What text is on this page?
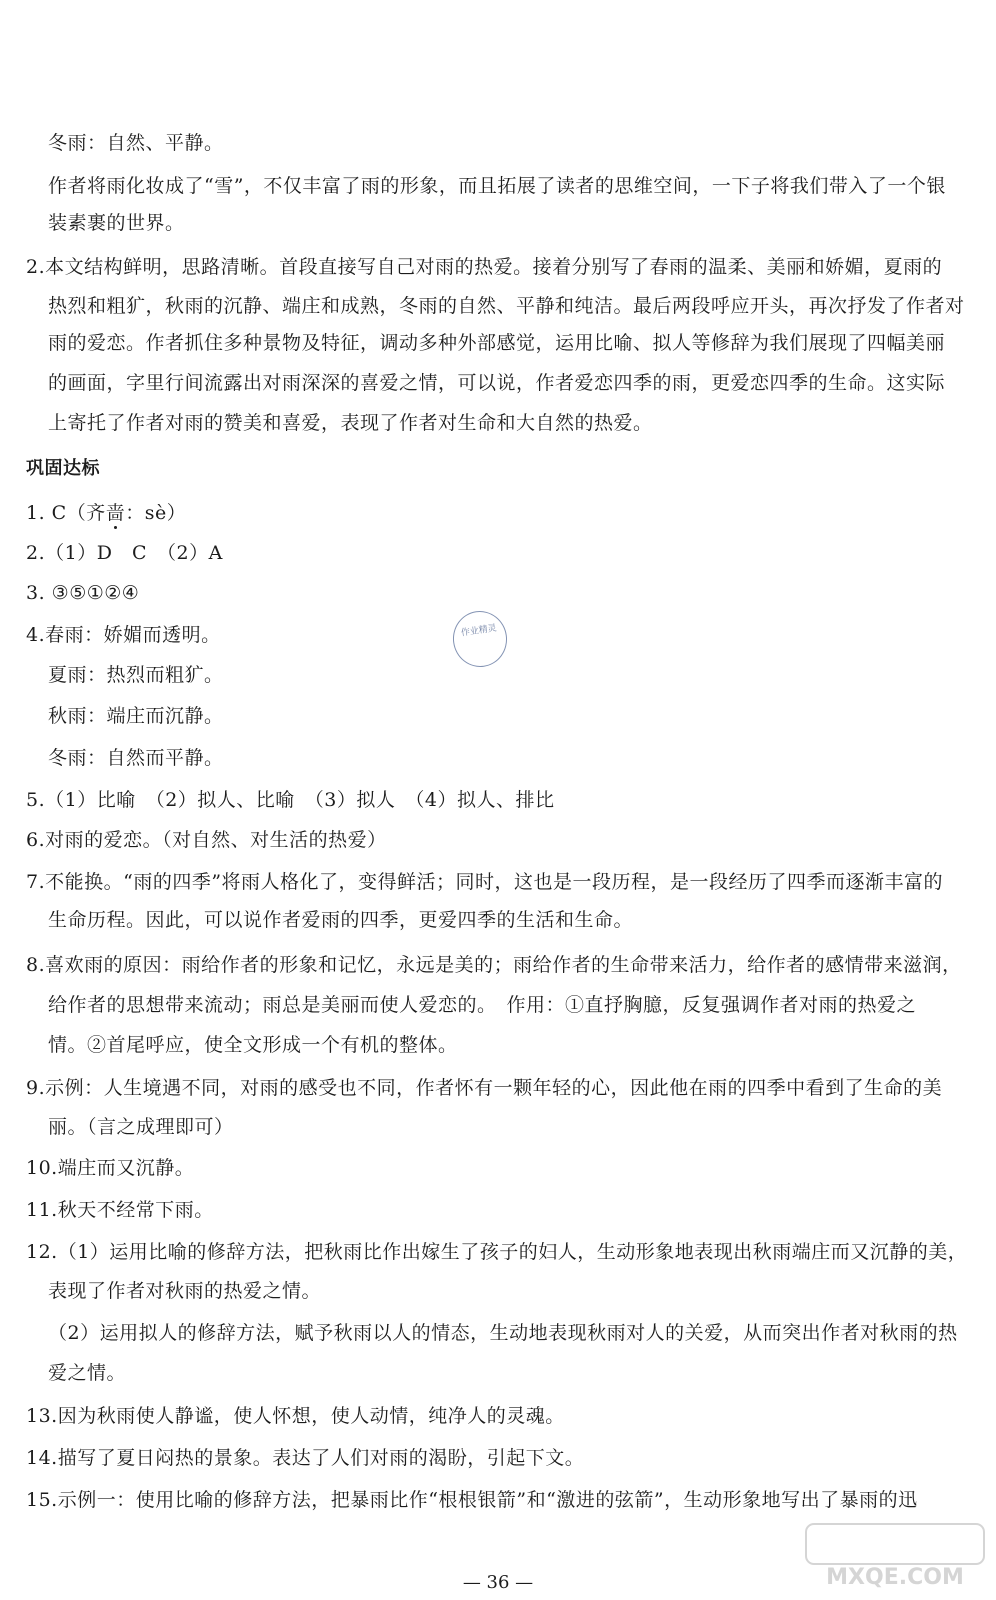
冬雨：自然、平静。
作者将雨化妆成了“雪”，不仅丰富了雨的形象，而且拓展了读者的思维空间，一下子将我们带入了一个银
装素裹的世界。
2.本文结构鲜明，思路清晰。首段直接写自己对雨的热爱。接着分别写了春雨的温柔、美丽和娇媚，夏雨的
热烈和粗犷，秋雨的沉静、端庄和成熟，冬雨的自然、平静和纯洁。最后两段呼应开头，再次抒发了作者对
雨的爱恋。作者抓住多种景物及特征，调动多种外部感觉，运用比喻、拟人等修辞为我们展现了四幅美丽
的画面，字里行间流露出对雨深深的喜爱之情，可以说，作者爱恋四季的雨，更爱恋四季的生命。这实际
上寄托了作者对雨的赞美和喜爱，表现了作者对生命和大自然的热爱。
作业精灵
巩固达标
1. C（齐啬：sè）
2.（1）D　C　（2）A
3. ③⑤①②④
4.春雨：娇媚而透明。
夏雨：热烈而粗犷。
秋雨：端庄而沉静。
冬雨：自然而平静。
5.（1）比喻　（2）拟人、比喻　（3）拟人　（4）拟人、排比
6.对雨的爱恋。（对自然、对生活的热爱）
7.不能换。“雨的四季”将雨人格化了，变得鲜活；同时，这也是一段历程，是一段经历了四季而逐渐丰富的
生命历程。因此，可以说作者爱雨的四季，更爱四季的生活和生命。
8.喜欢雨的原因：雨给作者的形象和记忆，永远是美的；雨给作者的生命带来活力，给作者的感情带来滋润，
给作者的思想带来流动；雨总是美丽而使人爱恋的。　作用：①直抒胸臆，反复强调作者对雨的热爱之
情。②首尾呼应，使全文形成一个有机的整体。
9.示例：人生境遇不同，对雨的感受也不同，作者怀有一颗年轻的心，因此他在雨的四季中看到了生命的美
丽。（言之成理即可）
10.端庄而又沉静。
11.秋天不经常下雨。
12.（1）运用比喻的修辞方法，把秋雨比作出嫁生了孩子的妇人，生动形象地表现出秋雨端庄而又沉静的美，
表现了作者对秋雨的热爱之情。
（2）运用拟人的修辞方法，赋予秋雨以人的情态，生动地表现秋雨对人的关爱，从而突出作者对秋雨的热
爱之情。
13.因为秋雨使人静谧，使人怀想，使人动情，纯净人的灵魂。
14.描写了夏日闷热的景象。表达了人们对雨的渴盼，引起下文。
15.示例一：使用比喻的修辞方法，把暴雨比作“根根银箭”和“激进的弦箭”，生动形象地写出了暴雨的迅
— 36 —	MXQE.COM
